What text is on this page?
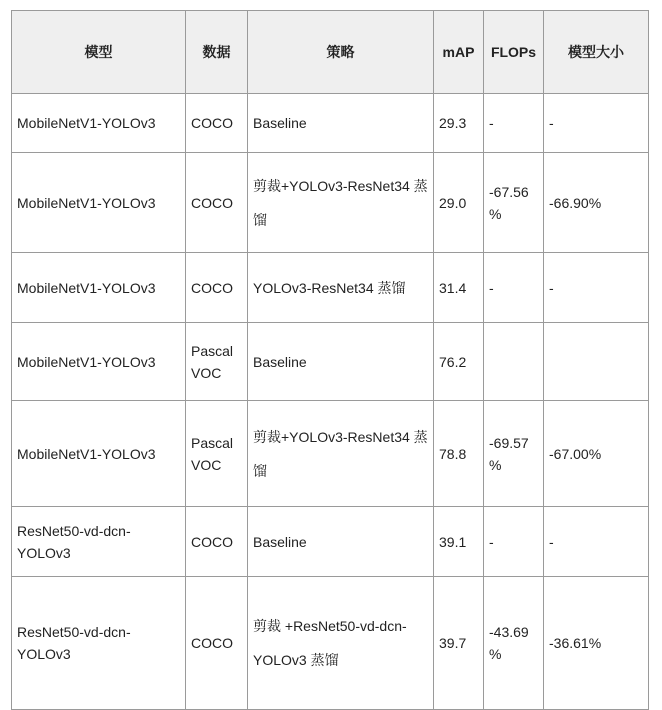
模型	数据	策略	mAP	FLOPs	模型大小
MobileNetV1-YOLOv3	COCO	Baseline	29.3	-	-
MobileNetV1-YOLOv3	COCO	剪裁+YOLOv3-ResNet34 蒸馏	29.0	-67.56 %	-66.90%
MobileNetV1-YOLOv3	COCO	YOLOv3-ResNet34 蒸馏	31.4	-	-
MobileNetV1-YOLOv3	Pascal VOC	Baseline	76.2		
MobileNetV1-YOLOv3	Pascal VOC	剪裁+YOLOv3-ResNet34 蒸馏	78.8	-69.57 %	-67.00%
ResNet50-vd-dcn-YOLOv3	COCO	Baseline	39.1	-	-
ResNet50-vd-dcn-YOLOv3	COCO	剪裁 +ResNet50-vd-dcn-YOLOv3 蒸馏	39.7	-43.69 %	-36.61%
